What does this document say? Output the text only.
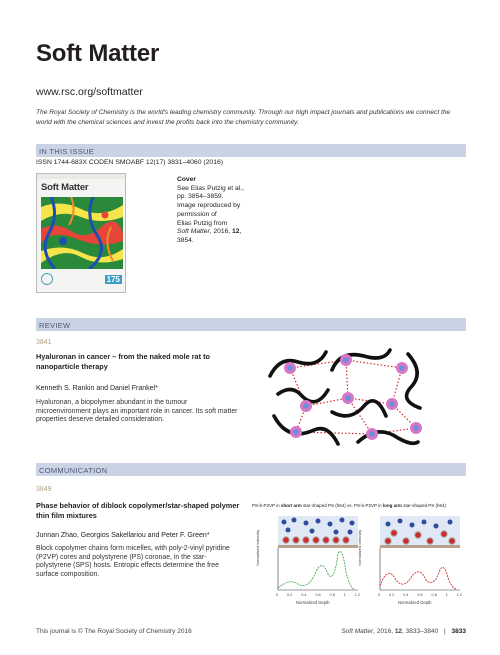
Soft Matter
www.rsc.org/softmatter
The Royal Society of Chemistry is the world's leading chemistry community. Through our high impact journals and publications we connect the world with the chemical sciences and invest the profits back into the chemistry community.
IN THIS ISSUE
ISSN 1744-683X CODEN SMOABF 12(17) 3831–4060 (2016)
Soft Matter
175
Cover
See Elias Putzig et al.,
pp. 3854–3859.
Image reproduced by
permission of
Elias Putzig from
Soft Matter, 2016, 12,
3854.
REVIEW
3841
Hyaluronan in cancer – from the naked mole rat to nanoparticle therapy
Kenneth S. Rankin and Daniel Frankel*
Hyaluronan, a biopolymer abundant in the tumour microenvironment plays an important role in cancer. Its soft matter properties deserve detailed consideration.
COMMUNICATION
3849
Phase behavior of diblock copolymer/star-shaped polymer thin film mixtures
Junnan Zhao, Georgios Sakellariou and Peter F. Green*
Block copolymer chains form micelles, with poly-2-vinyl pyridine (P2VP) cores and polystyrene (PS) coronae, in the star-polystyrene (SPS) hosts. Entropic effects determine the free surface composition.
PS-b-P2VP in short arm star-shaped PS (h64) vs. PS-b-P2VP in long arm star-shaped PS (h64)
Normalized Intensity
0 0.2 0.4 0.6 0.8 1 1.2
Normalized Depth
Normalized Intensity
0 0.2 0.4 0.6 0.8 1 1.2
Normalized Depth
This journal is © The Royal Society of Chemistry 2016	Soft Matter, 2016, 12, 3833–3840 | 3833
